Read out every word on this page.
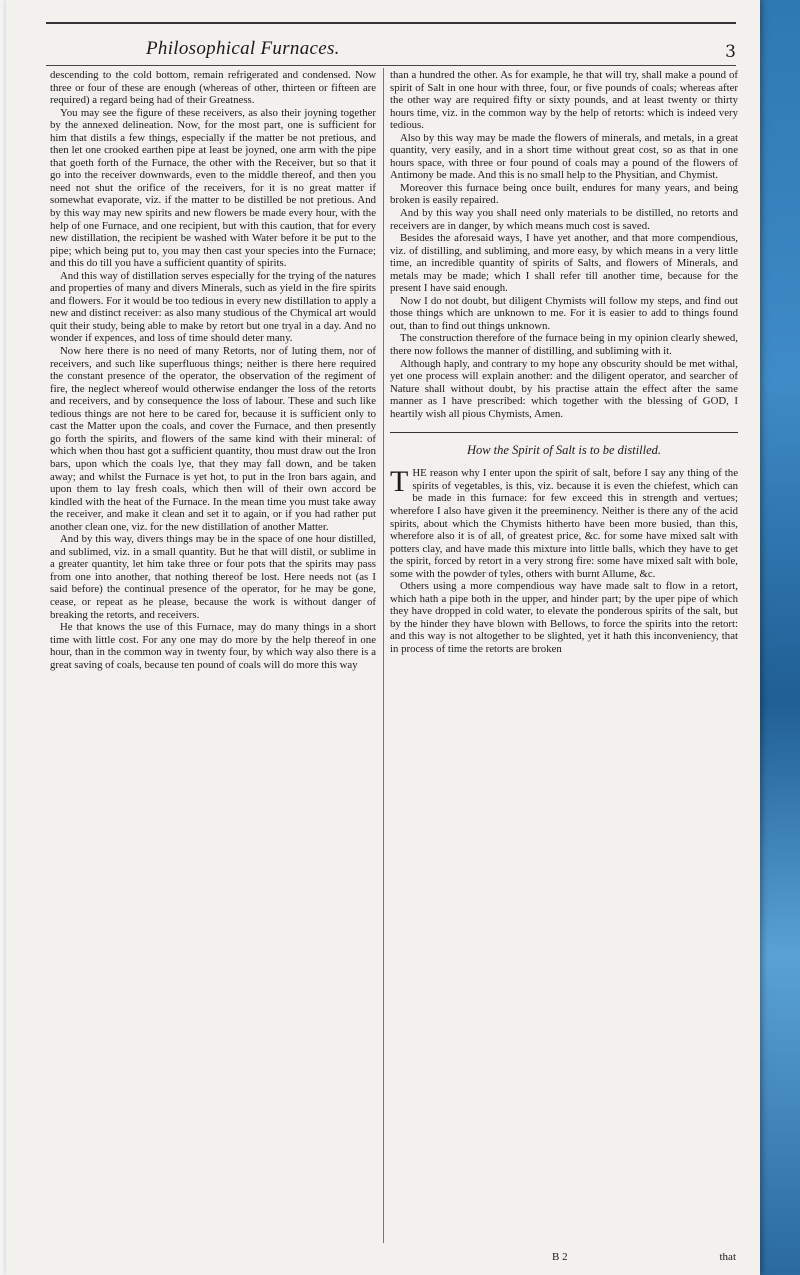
Philosophical Furnaces.	3

descending to the cold bottom, remain refrigerated and condensed. Now three or four of these are enough (whereas of other, thirteen or fifteen are required) a regard being had of their Greatness.

You may see the figure of these receivers, as also their joyning together by the annexed delineation. Now, for the most part, one is sufficient for him that distils a few things, especially if the matter be not pretious, and then let one crooked earthen pipe at least be joyned, one arm with the pipe that goeth forth of the Furnace, the other with the Receiver, but so that it go into the receiver downwards, even to the middle thereof, and then you need not shut the orifice of the receivers, for it is no great matter if somewhat evaporate, viz. if the matter to be distilled be not pretious. And by this way may new spirits and new flowers be made every hour, with the help of one Furnace, and one recipient, but with this caution, that for every new distillation, the recipient be washed with Water before it be put to the pipe; which being put to, you may then cast your species into the Furnace; and this do till you have a sufficient quantity of spirits.

And this way of distillation serves especially for the trying of the natures and properties of many and divers Minerals, such as yield in the fire spirits and flowers. For it would be too tedious in every new distillation to apply a new and distinct receiver: as also many studious of the Chymical art would quit their study, being able to make by retort but one tryal in a day. And no wonder if expences, and loss of time should deter many.

Now here there is no need of many Retorts, nor of luting them, nor of receivers, and such like superfluous things; neither is there here required the constant presence of the operator, the observation of the regiment of fire, the neglect whereof would otherwise endanger the loss of the retorts and receivers, and by consequence the loss of labour. These and such like tedious things are not here to be cared for, because it is sufficient only to cast the Matter upon the coals, and cover the Furnace, and then presently go forth the spirits, and flowers of the same kind with their mineral: of which when thou hast got a sufficient quantity, thou must draw out the Iron bars, upon which the coals lye, that they may fall down, and be taken away; and whilst the Furnace is yet hot, to put in the Iron bars again, and upon them to lay fresh coals, which then will of their own accord be kindled with the heat of the Furnace. In the mean time you must take away the receiver, and make it clean and set it to again, or if you had rather put another clean one, viz. for the new distillation of another Matter.

And by this way, divers things may be in the space of one hour distilled, and sublimed, viz. in a small quantity. But he that will distil, or sublime in a greater quantity, let him take three or four pots that the spirits may pass from one into another, that nothing thereof be lost. Here needs not (as I said before) the continual presence of the operator, for he may be gone, cease, or repeat as he please, because the work is without danger of breaking the retorts, and receivers.

He that knows the use of this Furnace, may do many things in a short time with little cost. For any one may do more by the help thereof in one hour, than in the common way in twenty four, by which way also there is a great saving of coals, because ten pound of coals will do more this way

than a hundred the other. As for example, he that will try, shall make a pound of spirit of Salt in one hour with three, four, or five pounds of coals; whereas after the other way are required fifty or sixty pounds, and at least twenty or thirty hours time, viz. in the common way by the help of retorts: which is indeed very tedious.

Also by this way may be made the flowers of minerals, and metals, in a great quantity, very easily, and in a short time without great cost, so as that in one hours space, with three or four pound of coals may a pound of the flowers of Antimony be made. And this is no small help to the Physitian, and Chymist.

Moreover this furnace being once built, endures for many years, and being broken is easily repaired.

And by this way you shall need only materials to be distilled, no retorts and receivers are in danger, by which means much cost is saved.

Besides the aforesaid ways, I have yet another, and that more compendious, viz. of distilling, and subliming, and more easy, by which means in a very little time, an incredible quantity of spirits of Salts, and flowers of Minerals, and metals may be made; which I shall refer till another time, because for the present I have said enough.

Now I do not doubt, but diligent Chymists will follow my steps, and find out those things which are unknown to me. For it is easier to add to things found out, than to find out things unknown.

The construction therefore of the furnace being in my opinion clearly shewed, there now follows the manner of distilling, and subliming with it.

Although haply, and contrary to my hope any obscurity should be met withal, yet one process will explain another: and the diligent operator, and searcher of Nature shall without doubt, by his practise attain the effect after the same manner as I have prescribed: which together with the blessing of GOD, I heartily wish all pious Chymists, Amen.

How the Spirit of Salt is to be distilled.

THE reason why I enter upon the spirit of salt, before I say any thing of the spirits of vegetables, is this, viz. because it is even the chiefest, which can be made in this furnace: for few exceed this in strength and vertues; wherefore I also have given it the preeminency. Neither is there any of the acid spirits, about which the Chymists hitherto have been more busied, than this, wherefore also it is of all, of greatest price, &c. for some have mixed salt with potters clay, and have made this mixture into little balls, which they have to get the spirit, forced by retort in a very strong fire: some have mixed salt with bole, some with the powder of tyles, others with burnt Allume, &c.

Others using a more compendious way have made salt to flow in a retort, which hath a pipe both in the upper, and hinder part; by the uper pipe of which they have dropped in cold water, to elevate the ponderous spirits of the salt, but by the hinder they have blown with Bellows, to force the spirits into the retort: and this way is not altogether to be slighted, yet it hath this inconveniency, that in process of time the retorts are broken

B 2	that
